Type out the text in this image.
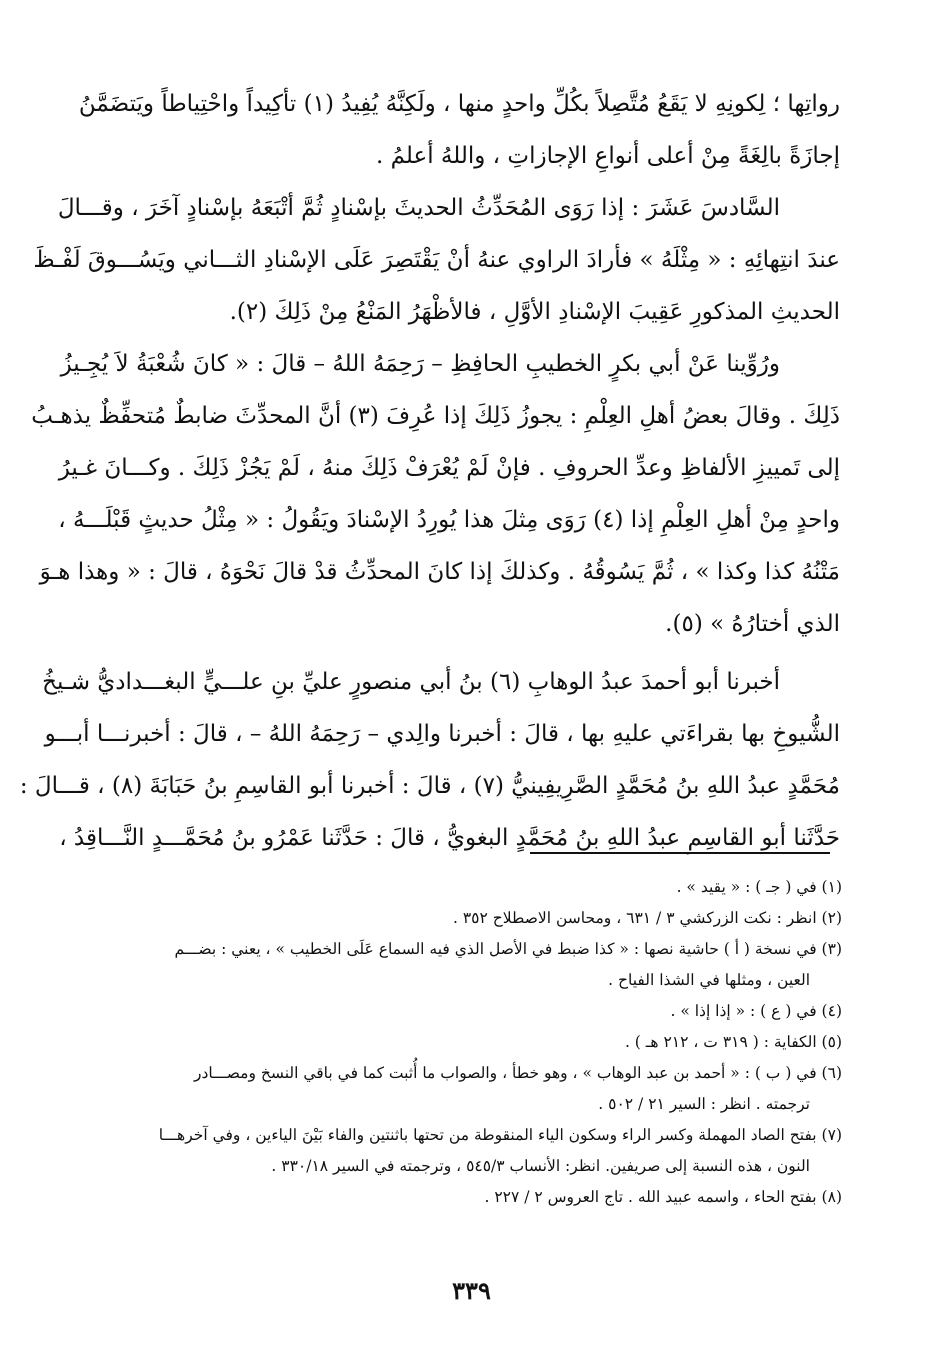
رواتِها ؛ لِكونِهِ لا يَقَعُ مُتَّصِلاً بكُلِّ واحدٍ منها ، ولَكِنَّهُ يُفِيدُ (١) تأكِيداً واحْتِياطاً ويَتضَمَّنُ
إجازَةً بالِغَةً مِنْ أعلى أنواعِ الإجازاتِ ، واللهُ أعلمُ .
السَّادسَ عَشَرَ : إذا رَوَى المُحَدِّثُ الحديثَ بإسْنادٍ ثُمَّ أتْبَعَهُ بإسْنادٍ آخَرَ ، وقـــالَ
عندَ انتِهائِهِ : « مِثْلَهُ » فأرادَ الراوي عنهُ أنْ يَقْتَصِرَ عَلَى الإسْنادِ الثـــاني ويَسُـــوقَ لَفْـظَ
الحديثِ المذكورِ عَقِيبَ الإسْنادِ الأوَّلِ ، فالأظْهَرُ المَنْعُ مِنْ ذَلِكَ (٢).
ورُوِّينا عَنْ أبي بكرٍ الخطيبِ الحافِظِ – رَحِمَهُ اللهُ – قالَ : « كانَ شُعْبَةُ لاَ يُجِـيزُ
ذَلِكَ . وقالَ بعضُ أهلِ العِلْمِ : يجوزُ ذَلِكَ إذا عُرِفَ (٣) أنَّ المحدِّثَ ضابطٌ مُتحفِّظٌ يذهـبُ
إلى تَمييزِ الألفاظِ وعدِّ الحروفِ . فإنْ لَمْ يُعْرَفْ ذَلِكَ منهُ ، لَمْ يَجُزْ ذَلِكَ . وكـــانَ غـيرُ
واحدٍ مِنْ أهلِ العِلْمِ إذا (٤) رَوَى مِثلَ هذا يُورِدُ الإسْنادَ ويَقُولُ : « مِثْلُ حديثٍ قَبْلَـــهُ ،
مَتْنُهُ كذا وكذا » ، ثُمَّ يَسُوقُهُ . وكذلكَ إذا كانَ المحدِّثُ قدْ قالَ نَحْوَهُ ، قالَ : « وهذا هـوَ
الذي أختارُهُ » (٥).
أخبرنا أبو أحمدَ عبدُ الوهابِ (٦) بنُ أبي منصورٍ عليِّ بنِ علـــيٍّ البغـــداديُّ شـيخُ
الشُّيوخِ بها بقراءَتي عليهِ بها ، قالَ : أخبرنا والِدي – رَحِمَهُ اللهُ – ، قالَ : أخبرنـــا أبـــو
مُحَمَّدٍ عبدُ اللهِ بنُ مُحَمَّدٍ الصَّرِيفِينيُّ (٧) ، قالَ : أخبرنا أبو القاسِمِ بنُ حَبَابَةَ (٨) ، قـــالَ :
حَدَّثَنا أبو القاسِمِ عبدُ اللهِ بنُ مُحَمَّدٍ البغويُّ ، قالَ : حَدَّثَنا عَمْرُو بنُ مُحَمَّـــدٍ النَّـــاقِدُ ،
(١) في ( جـ ) : « يقيد » .
(٢) انظر : نكت الزركشي ٣ / ٦٣١ ، ومحاسن الاصطلاح ٣٥٢ .
(٣) في نسخة ( أ ) حاشية نصها : « كذا ضبط في الأصل الذي فيه السماع عَلَى الخطيب » ، يعني : بضـــم
العين ، ومثلها في الشذا الفياح .
(٤) في ( ع ) : « إذا إذا » .
(٥) الكفاية : ( ٣١٩ ت ، ٢١٢ هـ ) .
(٦) في ( ب ) : « أحمد بن عبد الوهاب » ، وهو خطأ ، والصواب ما أُثبت كما في باقي النسخ ومصـــادر
ترجمته . انظر : السير ٢١ / ٥٠٢ .
(٧) بفتح الصاد المهملة وكسر الراء وسكون الياء المنقوطة من تحتها باثنتين والفاء بَيْنَ الياءين ، وفي آخرهـــا
النون ، هذه النسبة إلى صريفين. انظر: الأنساب ٥٤٥/٣ ، وترجمته في السير ٣٣٠/١٨ .
(٨) بفتح الحاء ، واسمه عبيد الله . تاج العروس ٢ / ٢٢٧ .
٣٣٩
